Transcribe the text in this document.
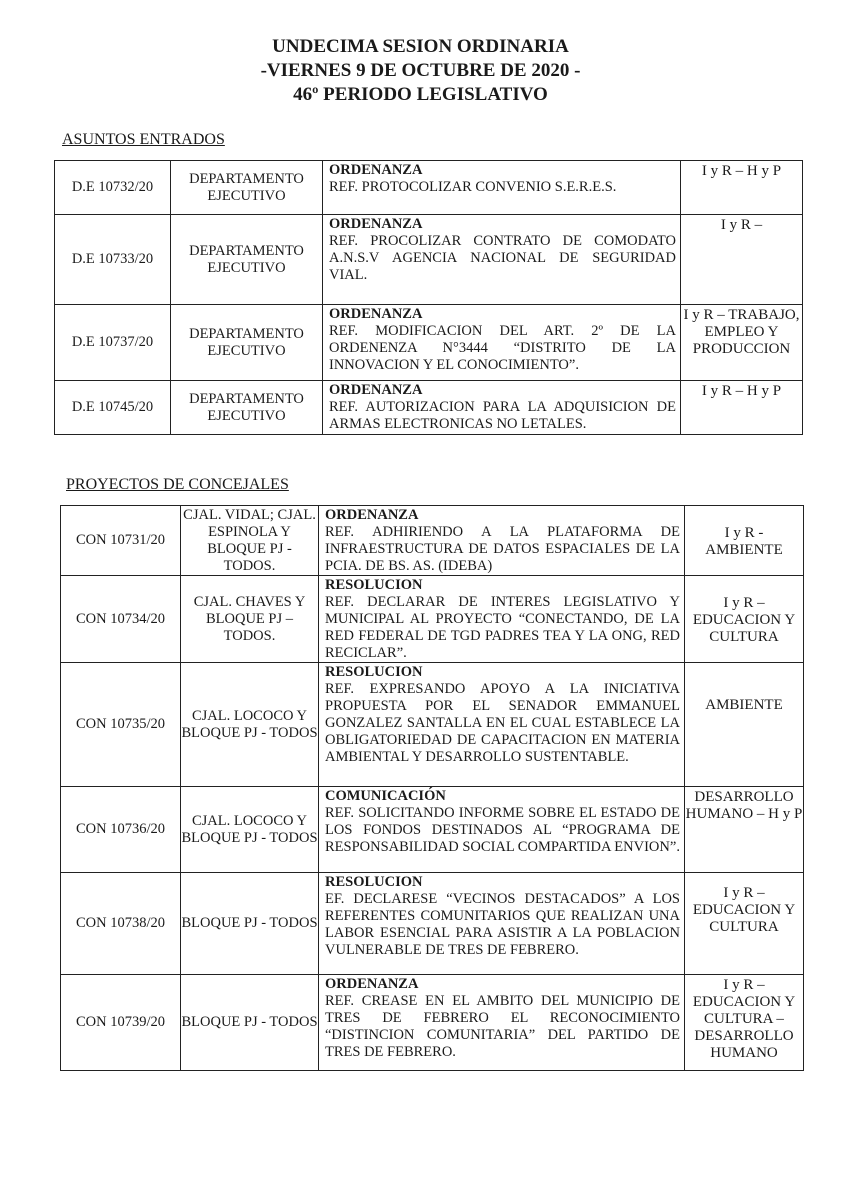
UNDECIMA SESION ORDINARIA
-VIERNES 9 DE OCTUBRE DE 2020 -
46º PERIODO LEGISLATIVO
ASUNTOS ENTRADOS
D.E 10732/20	DEPARTAMENTO EJECUTIVO	ORDENANZA
REF. PROTOCOLIZAR CONVENIO S.E.R.E.S.	I y R – H y P
D.E 10733/20	DEPARTAMENTO EJECUTIVO	ORDENANZA
REF. PROCOLIZAR CONTRATO DE COMODATO A.N.S.V AGENCIA NACIONAL DE SEGURIDAD VIAL.	I y R –
D.E 10737/20	DEPARTAMENTO EJECUTIVO	ORDENANZA
REF. MODIFICACION DEL ART. 2º DE LA ORDENENZA N°3444 “DISTRITO DE LA INNOVACION Y EL CONOCIMIENTO”.	I y R – TRABAJO, EMPLEO Y PRODUCCION
D.E 10745/20	DEPARTAMENTO EJECUTIVO	ORDENANZA
REF. AUTORIZACION PARA LA ADQUISICION DE ARMAS ELECTRONICAS NO LETALES.	I y R – H y P
PROYECTOS DE CONCEJALES
CON 10731/20	CJAL. VIDAL; CJAL. ESPINOLA Y BLOQUE PJ - TODOS.	ORDENANZA
REF. ADHIRIENDO A LA PLATAFORMA DE INFRAESTRUCTURA DE DATOS ESPACIALES DE LA PCIA. DE BS. AS. (IDEBA)	I y R - AMBIENTE
CON 10734/20	CJAL. CHAVES Y BLOQUE PJ – TODOS.	RESOLUCION
REF. DECLARAR DE INTERES LEGISLATIVO Y MUNICIPAL AL PROYECTO “CONECTANDO, DE LA RED FEDERAL DE TGD PADRES TEA Y LA ONG, RED RECICLAR”.	I y R – EDUCACION Y CULTURA
CON 10735/20	CJAL. LOCOCO Y BLOQUE PJ - TODOS	RESOLUCION
REF. EXPRESANDO APOYO A LA INICIATIVA PROPUESTA POR EL SENADOR EMMANUEL GONZALEZ SANTALLA EN EL CUAL ESTABLECE LA OBLIGATORIEDAD DE CAPACITACION EN MATERIA AMBIENTAL Y DESARROLLO SUSTENTABLE.	AMBIENTE
CON 10736/20	CJAL. LOCOCO Y BLOQUE PJ - TODOS	COMUNICACIÓN
REF. SOLICITANDO INFORME SOBRE EL ESTADO DE LOS FONDOS DESTINADOS AL “PROGRAMA DE RESPONSABILIDAD SOCIAL COMPARTIDA ENVION”.	DESARROLLO HUMANO – H y P
CON 10738/20	BLOQUE PJ - TODOS	RESOLUCION
EF. DECLARESE “VECINOS DESTACADOS” A LOS REFERENTES COMUNITARIOS QUE REALIZAN UNA LABOR ESENCIAL PARA ASISTIR A LA POBLACION VULNERABLE DE TRES DE FEBRERO.	I y R – EDUCACION Y CULTURA
CON 10739/20	BLOQUE PJ - TODOS	ORDENANZA
REF. CREASE EN EL AMBITO DEL MUNICIPIO DE TRES DE FEBRERO EL RECONOCIMIENTO “DISTINCION COMUNITARIA” DEL PARTIDO DE TRES DE FEBRERO.	I y R – EDUCACION Y CULTURA – DESARROLLO HUMANO
